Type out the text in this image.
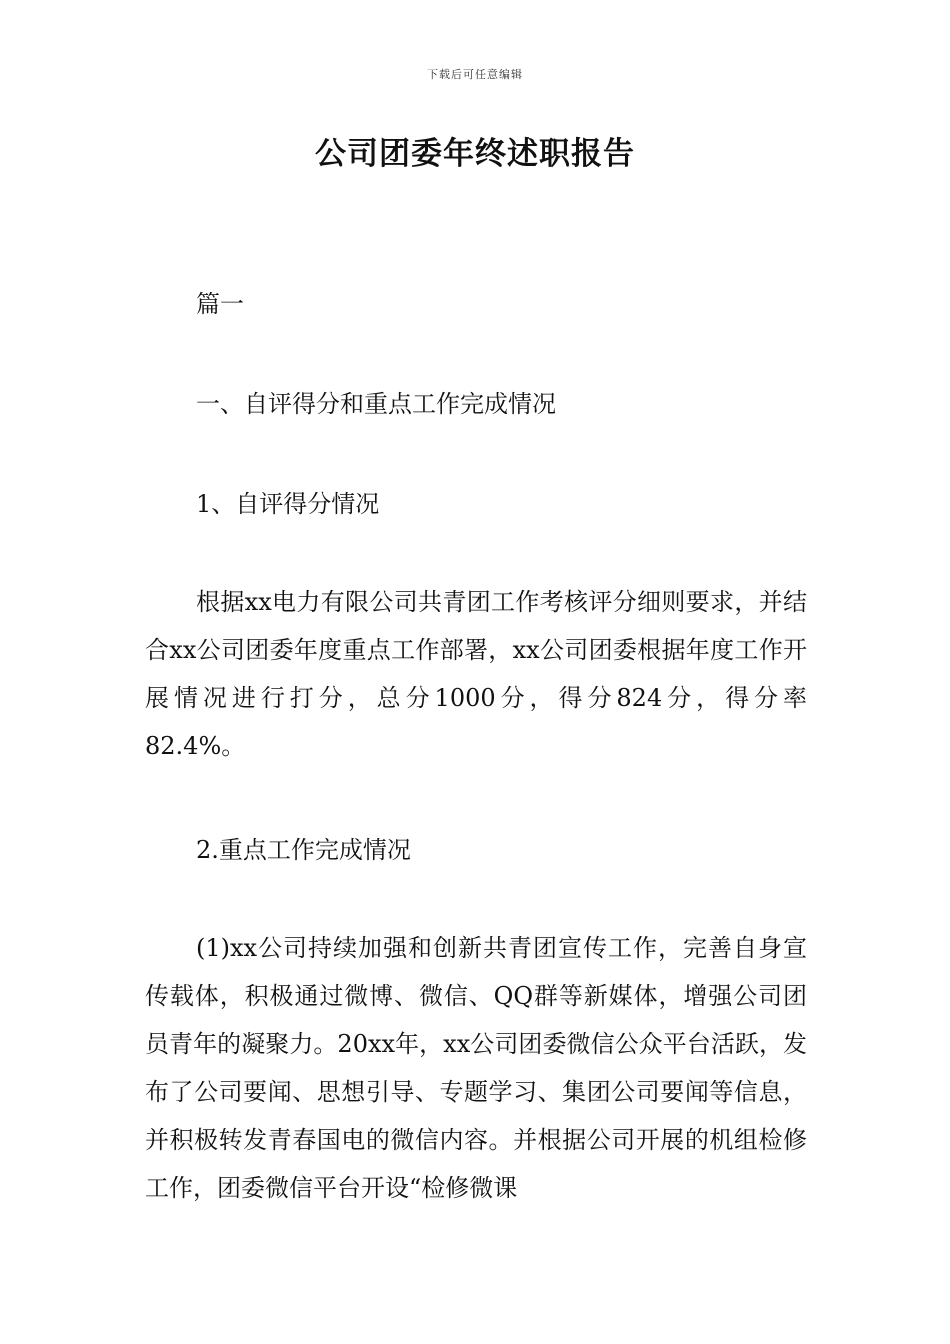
下载后可任意编辑
公司团委年终述职报告
篇一
一、自评得分和重点工作完成情况
1、自评得分情况

根据xx电力有限公司共青团工作考核评分细则要求，并结合xx公司团委年度重点工作部署，xx公司团委根据年度工作开展情况进行打分，总分1000分，得分824分，得分率82.4%。

2.重点工作完成情况

(1)xx公司持续加强和创新共青团宣传工作，完善自身宣传载体，积极通过微博、微信、QQ群等新媒体，增强公司团员青年的凝聚力。20xx年，xx公司团委微信公众平台活跃，发布了公司要闻、思想引导、专题学习、集团公司要闻等信息，并积极转发青春国电的微信内容。并根据公司开展的机组检修工作，团委微信平台开设“检修微课
